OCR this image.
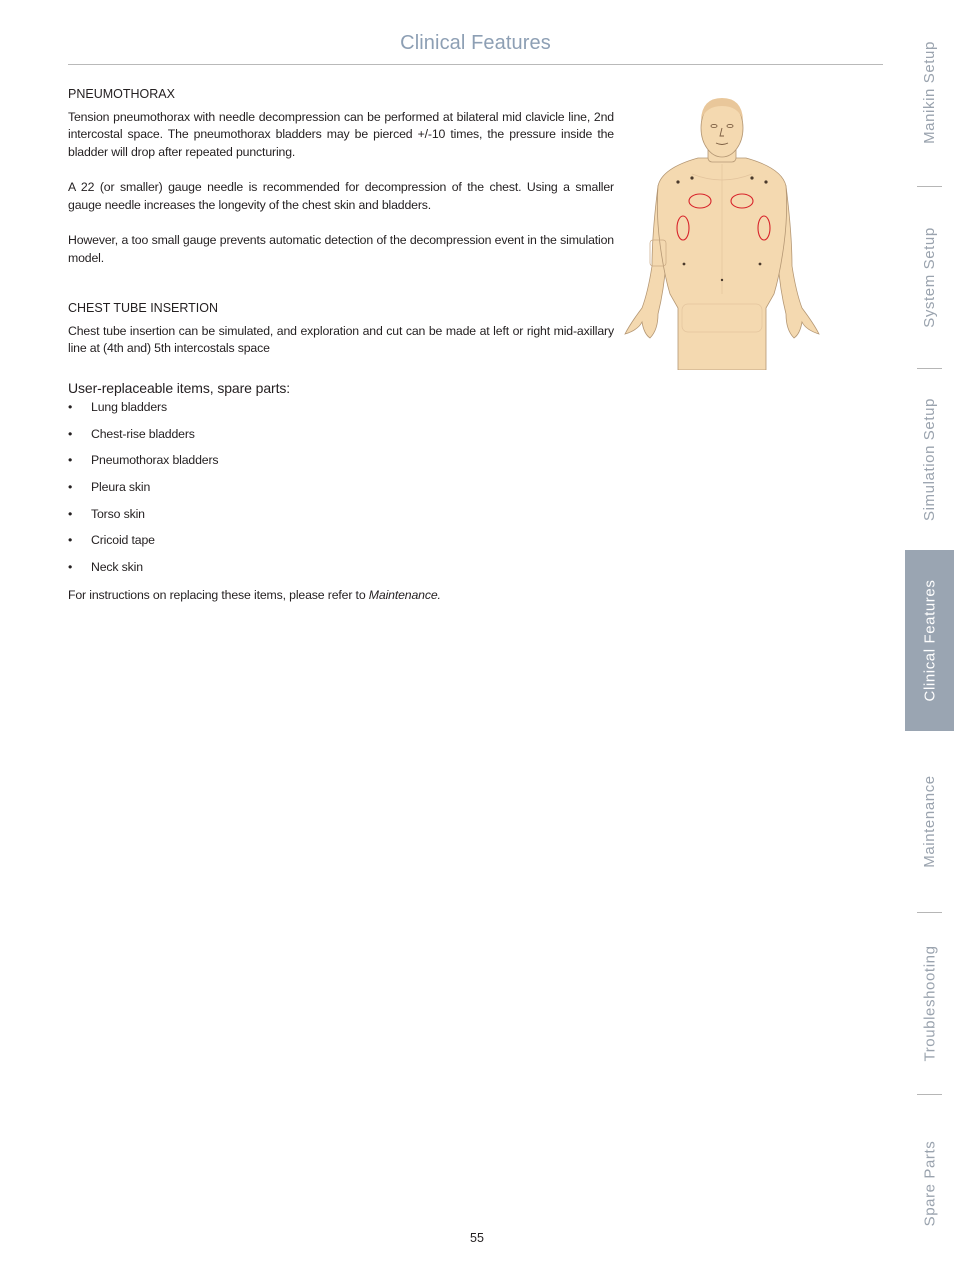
Clinical Features
PNEUMOTHORAX

Tension pneumothorax with needle decompression can be performed at bilateral mid clavicle line, 2nd intercostal space. The pneumothorax bladders may be pierced +/-10 times, the pressure inside the bladder will drop after repeated puncturing.

A 22 (or smaller) gauge needle is recommended for decompression of the chest. Using a smaller gauge needle increases the longevity of the chest skin and bladders.

However, a too small gauge prevents automatic detection of the decompression event in the simulation model.

CHEST TUBE INSERTION

Chest tube insertion can be simulated, and exploration and cut can be made at left or right mid-axillary line at (4th and) 5th intercostals space

User-replaceable items, spare parts:
• Lung bladders
• Chest-rise bladders
• Pneumothorax bladders
• Pleura skin
• Torso skin
• Cricoid tape
• Neck skin

For instructions on replacing these items, please refer to Maintenance.

Manikin Setup
System Setup
Simulation Setup
Clinical Features
Maintenance
Troubleshooting
Spare Parts
55
